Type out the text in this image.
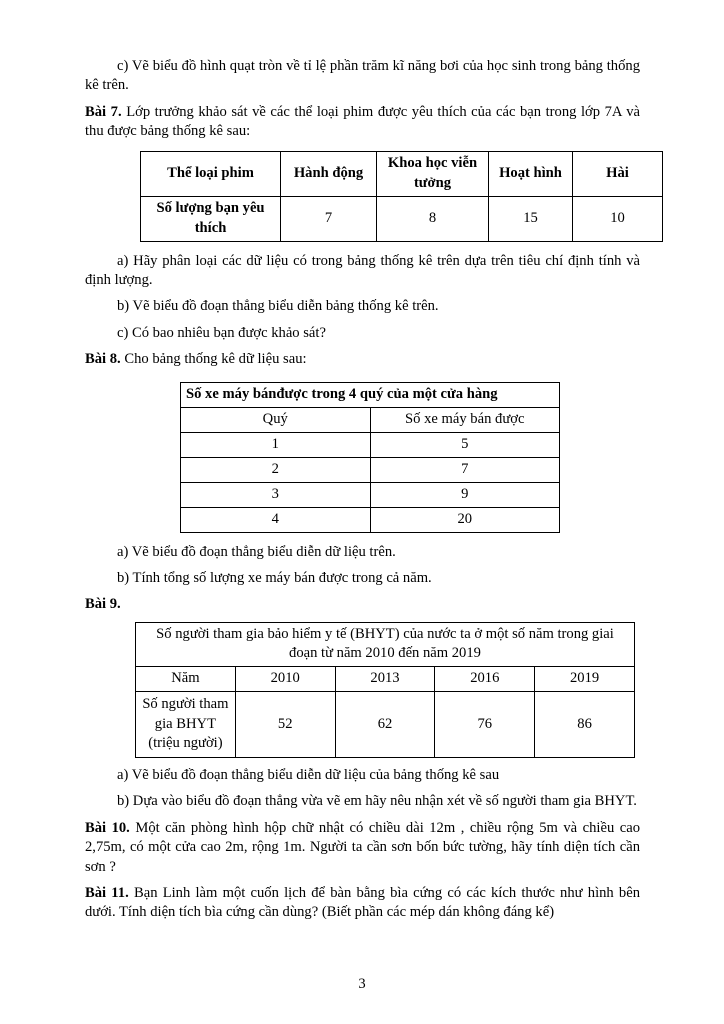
c) Vẽ biểu đồ hình quạt tròn về tỉ lệ phần trăm kĩ năng bơi của học sinh trong bảng thống kê trên.

Bài 7. Lớp trưởng khảo sát về các thể loại phim được yêu thích của các bạn trong lớp 7A và thu được bảng thống kê sau:

Thể loại phim	Hành động	Khoa học viễn tưởng	Hoạt hình	Hài
Số lượng bạn yêu thích	7	8	15	10

a) Hãy phân loại các dữ liệu có trong bảng thống kê trên dựa trên tiêu chí định tính và định lượng.

b) Vẽ biểu đồ đoạn thẳng biểu diễn bảng thống kê trên.

c) Có bao nhiêu bạn được khảo sát?

Bài 8. Cho bảng thống kê dữ liệu sau:

Số xe máy bánđược trong 4 quý của một cửa hàng	
Quý	Số xe máy bán được
1	5
2	7
3	9
4	20

a) Vẽ biểu đồ đoạn thẳng biểu diễn dữ liệu trên.

b) Tính tổng số lượng xe máy bán được trong cả năm.

Bài 9.

Số người tham gia bảo hiểm y tế (BHYT) của nước ta ở một số năm trong giai đoạn từ năm 2010 đến năm 2019				
Năm	2010	2013	2016	2019
Số người tham gia BHYT (triệu người)	52	62	76	86

a) Vẽ biểu đồ đoạn thẳng biểu diễn dữ liệu của bảng thống kê sau

b) Dựa vào biểu đồ đoạn thẳng vừa vẽ em hãy nêu nhận xét về số người tham gia BHYT.

Bài 10. Một căn phòng hình hộp chữ nhật có chiều dài 12m , chiều rộng 5m và chiều cao 2,75m, có một cửa cao 2m, rộng 1m. Người ta cần sơn bốn bức tường, hãy tính diện tích cần sơn ?

Bài 11. Bạn Linh làm một cuốn lịch để bàn bằng bìa cứng có các kích thước như hình bên dưới. Tính diện tích bìa cứng cần dùng? (Biết phần các mép dán không đáng kể)

3
